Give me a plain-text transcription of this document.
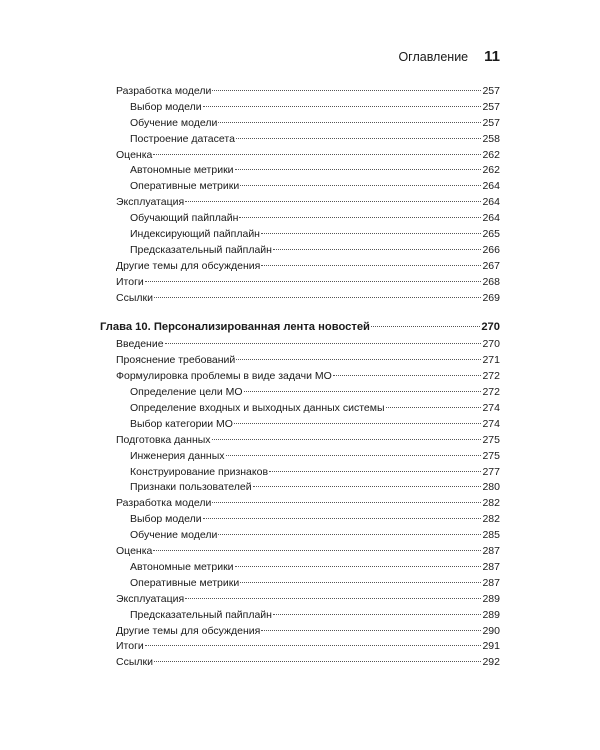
Оглавление 11
Разработка модели	257
Выбор модели	257
Обучение модели	257
Построение датасета	258
Оценка	262
Автономные метрики	262
Оперативные метрики	264
Эксплуатация	264
Обучающий пайплайн	264
Индексирующий пайплайн	265
Предсказательный пайплайн	266
Другие темы для обсуждения	267
Итоги	268
Ссылки	269
Глава 10. Персонализированная лента новостей	270
Введение	270
Прояснение требований	271
Формулировка проблемы в виде задачи МО	272
Определение цели МО	272
Определение входных и выходных данных системы	274
Выбор категории МО	274
Подготовка данных	275
Инженерия данных	275
Конструирование признаков	277
Признаки пользователей	280
Разработка модели	282
Выбор модели	282
Обучение модели	285
Оценка	287
Автономные метрики	287
Оперативные метрики	287
Эксплуатация	289
Предсказательный пайплайн	289
Другие темы для обсуждения	290
Итоги	291
Ссылки	292
